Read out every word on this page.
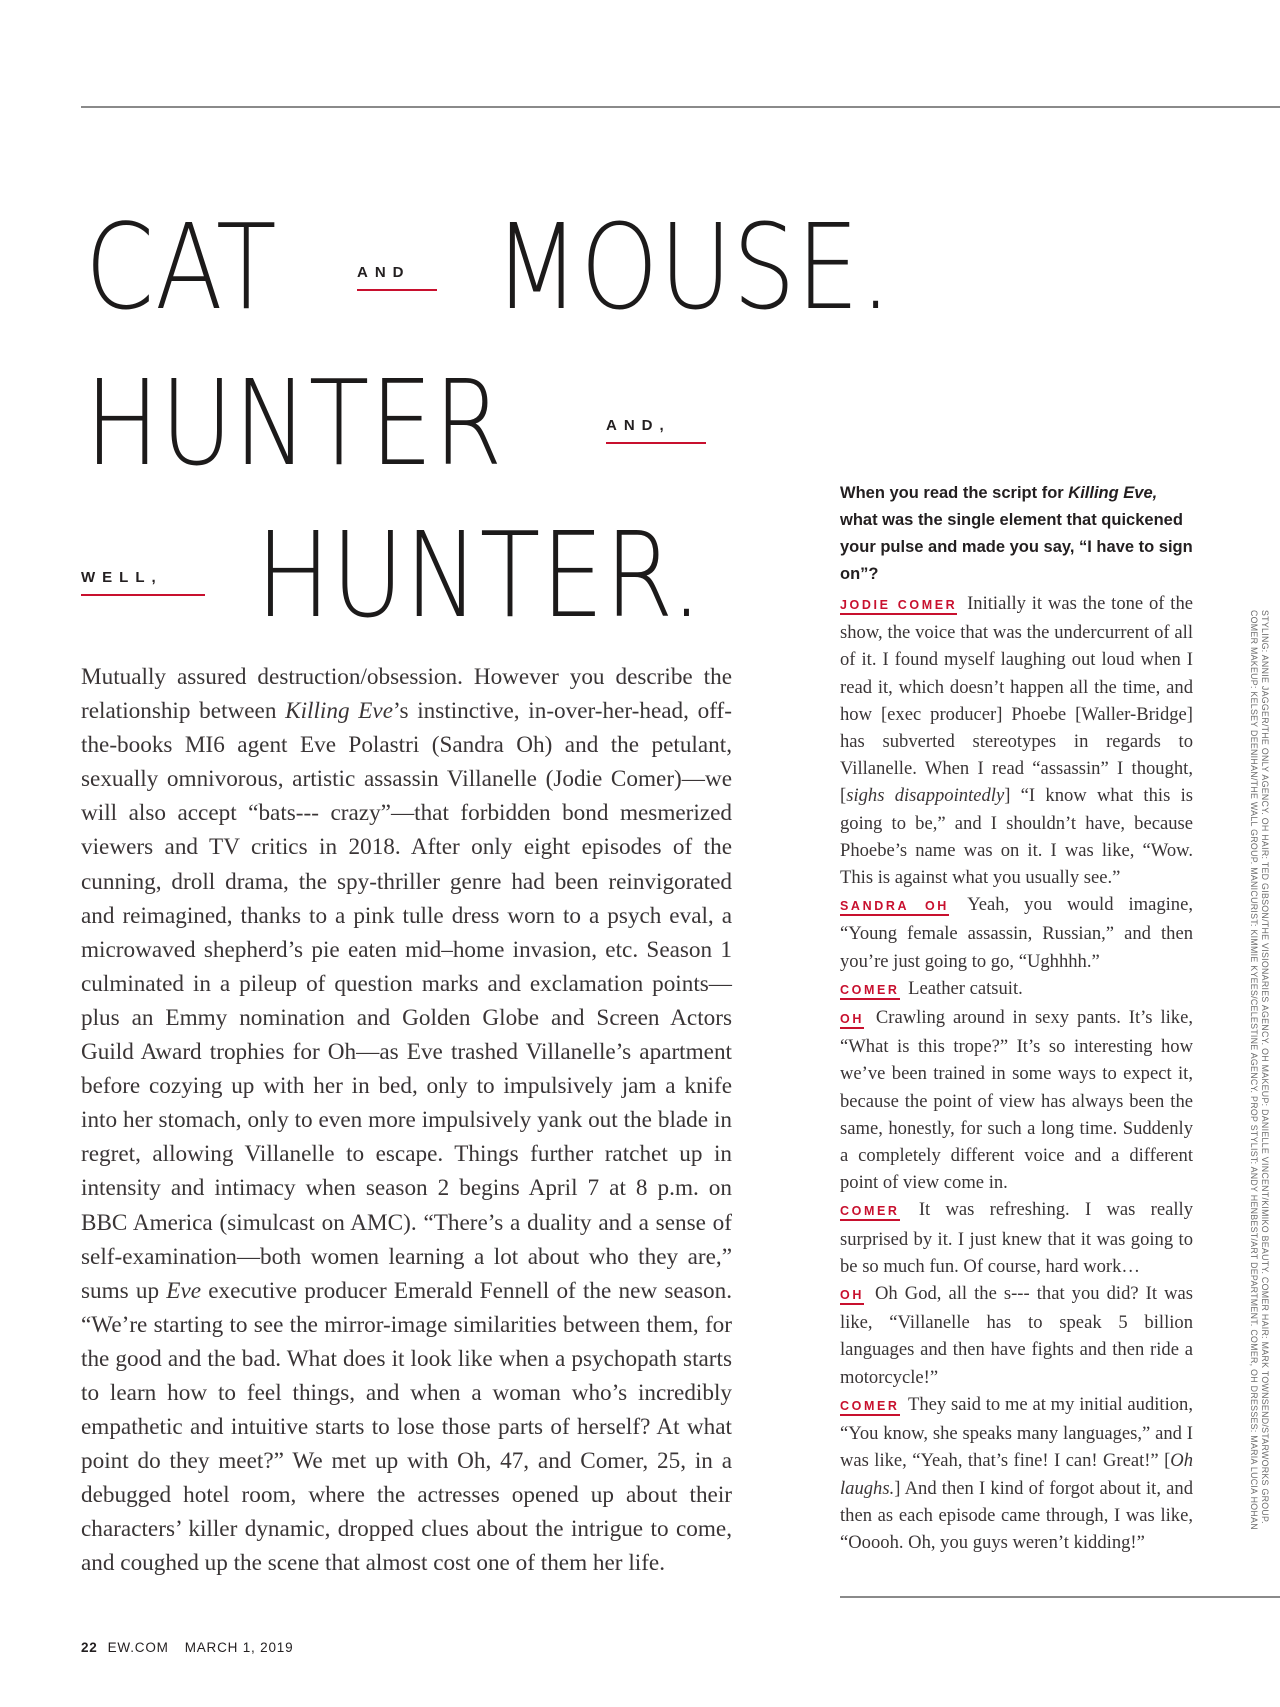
CAT	AND MOUSE.
HUNTER	AND,
WELL, HUNTER.

Mutually assured destruction/obsession. However you describe the relationship between Killing Eve’s instinctive, in-over-her-head, off-the-books MI6 agent Eve Polastri (Sandra Oh) and the petulant, sexually omnivorous, artistic assassin Villanelle (Jodie Comer)—we will also accept “bats--- crazy”—that forbidden bond mesmerized viewers and TV critics in 2018. After only eight episodes of the cunning, droll drama, the spy-thriller genre had been reinvigorated and reimagined, thanks to a pink tulle dress worn to a psych eval, a microwaved shepherd’s pie eaten mid–home invasion, etc. Season 1 culminated in a pileup of question marks and exclamation points—plus an Emmy nomination and Golden Globe and Screen Actors Guild Award trophies for Oh—as Eve trashed Villanelle’s apartment before cozying up with her in bed, only to impulsively jam a knife into her stomach, only to even more impulsively yank out the blade in regret, allowing Villanelle to escape. Things further ratchet up in intensity and intimacy when season 2 begins April 7 at 8 p.m. on BBC America (simulcast on AMC). “There’s a duality and a sense of self-examination—both women learning a lot about who they are,” sums up Eve executive producer Emerald Fennell of the new season. “We’re starting to see the mirror-image similarities between them, for the good and the bad. What does it look like when a psychopath starts to learn how to feel things, and when a woman who’s incredibly empathetic and intuitive starts to lose those parts of herself? At what point do they meet?” We met up with Oh, 47, and Comer, 25, in a debugged hotel room, where the actresses opened up about their characters’ killer dynamic, dropped clues about the intrigue to come, and coughed up the scene that almost cost one of them her life.

When you read the script for Killing Eve, what was the single element that quickened your pulse and made you say, “I have to sign on”?

JODIE COMER Initially it was the tone of the show, the voice that was the undercurrent of all of it. I found myself laughing out loud when I read it, which doesn’t happen all the time, and how [exec producer] Phoebe [Waller-Bridge] has subverted stereotypes in regards to Villanelle. When I read “assassin” I thought, [sighs disappointedly] “I know what this is going to be,” and I shouldn’t have, because Phoebe’s name was on it. I was like, “Wow. This is against what you usually see.”

SANDRA OH Yeah, you would imagine, “Young female assassin, Russian,” and then you’re just going to go, “Ughhhh.”

COMER Leather catsuit.

OH Crawling around in sexy pants. It’s like, “What is this trope?” It’s so interesting how we’ve been trained in some ways to expect it, because the point of view has always been the same, honestly, for such a long time. Suddenly a completely different voice and a different point of view come in.

COMER It was refreshing. I was really surprised by it. I just knew that it was going to be so much fun. Of course, hard work…

OH Oh God, all the s--- that you did? It was like, “Villanelle has to speak 5 billion languages and then have fights and then ride a motorcycle!”

COMER They said to me at my initial audition, “You know, she speaks many languages,” and I was like, “Yeah, that’s fine! I can! Great!” [Oh laughs.] And then I kind of forgot about it, and then as each episode came through, I was like, “Ooooh. Oh, you guys weren’t kidding!”

STYLING: ANNIE JAGGER/THE ONLY AGENCY. OH HAIR: TED GIBSON/THE VISIONARIES AGENCY. OH MAKEUP: DANIELLE VINCENT/KIMIKO BEAUTY. COMER HAIR: MARK TOWNSEND/STARWORKS GROUP.
COMER MAKEUP: KELSEY DEENIHAN/THE WALL GROUP. MANICURIST: KIMMIE KYEES/CELESTINE AGENCY. PROP STYLIST: ANDY HENBEST/ART DEPARTMENT. COMER, OH DRESSES: MARIA LUCIA HOHAN
22 EW.COM MARCH 1, 2019
